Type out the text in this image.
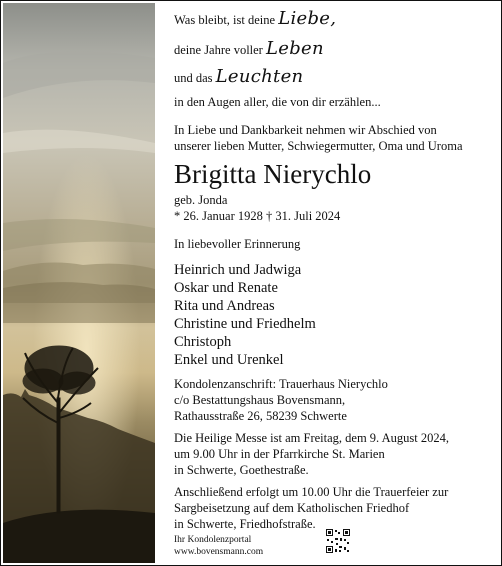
Was bleibt, ist deine Liebe,
deine Jahre voller Leben
und das Leuchten
in den Augen aller, die von dir erzählen...
In Liebe und Dankbarkeit nehmen wir Abschied von
unserer lieben Mutter, Schwiegermutter, Oma und Uroma
Brigitta Nierychlo
geb. Jonda
* 26. Januar 1928 † 31. Juli 2024
In liebevoller Erinnerung
Heinrich und Jadwiga
Oskar und Renate
Rita und Andreas
Christine und Friedhelm
Christoph
Enkel und Urenkel
Kondolenzanschrift: Trauerhaus Nierychlo
c/o Bestattungshaus Bovensmann,
Rathausstraße 26, 58239 Schwerte
Die Heilige Messe ist am Freitag, dem 9. August 2024,
um 9.00 Uhr in der Pfarrkirche St. Marien
in Schwerte, Goethestraße.
Anschließend erfolgt um 10.00 Uhr die Trauerfeier zur
Sargbeisetzung auf dem Katholischen Friedhof
in Schwerte, Friedhofstraße.
Ihr Kondolenzportal
www.bovensmann.com
